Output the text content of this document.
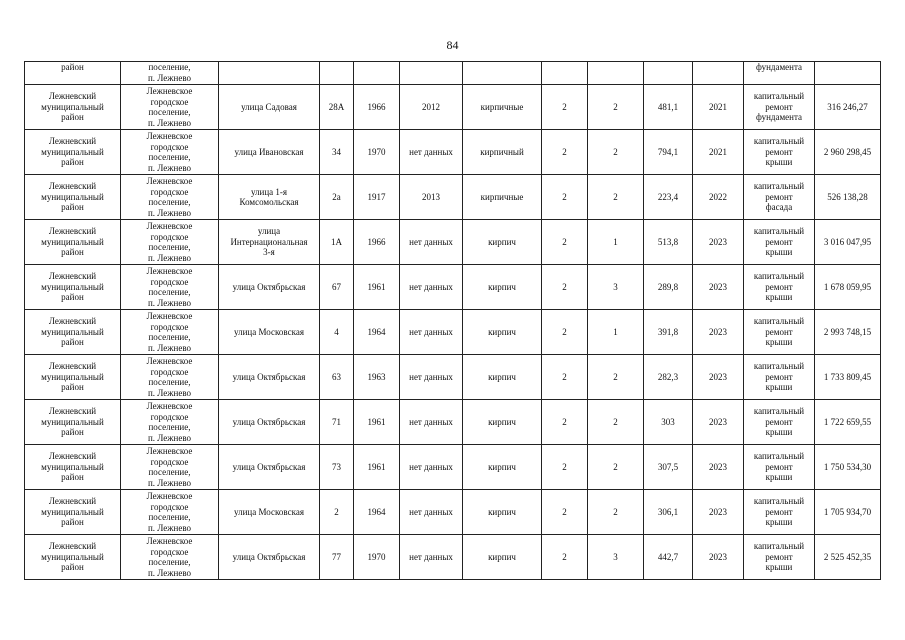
84
район	поселение,
п. Лежнево										фундамента	
Лежневский
муниципальный
район	Лежневское
городское
поселение,
п. Лежнево	улица Садовая	28А	1966	2012	кирпичные	2	2	481,1	2021	капитальный
ремонт
фундамента	316 246,27
Лежневский
муниципальный
район	Лежневское
городское
поселение,
п. Лежнево	улица Ивановская	34	1970	нет данных	кирпичный	2	2	794,1	2021	капитальный
ремонт
крыши	2 960 298,45
Лежневский
муниципальный
район	Лежневское
городское
поселение,
п. Лежнево	улица 1-я
Комсомольская	2а	1917	2013	кирпичные	2	2	223,4	2022	капитальный
ремонт
фасада	526 138,28
Лежневский
муниципальный
район	Лежневское
городское
поселение,
п. Лежнево	улица
Интернациональная
3-я	1А	1966	нет данных	кирпич	2	1	513,8	2023	капитальный
ремонт
крыши	3 016 047,95
Лежневский
муниципальный
район	Лежневское
городское
поселение,
п. Лежнево	улица Октябрьская	67	1961	нет данных	кирпич	2	3	289,8	2023	капитальный
ремонт
крыши	1 678 059,95
Лежневский
муниципальный
район	Лежневское
городское
поселение,
п. Лежнево	улица Московская	4	1964	нет данных	кирпич	2	1	391,8	2023	капитальный
ремонт
крыши	2 993 748,15
Лежневский
муниципальный
район	Лежневское
городское
поселение,
п. Лежнево	улица Октябрьская	63	1963	нет данных	кирпич	2	2	282,3	2023	капитальный
ремонт
крыши	1 733 809,45
Лежневский
муниципальный
район	Лежневское
городское
поселение,
п. Лежнево	улица Октябрьская	71	1961	нет данных	кирпич	2	2	303	2023	капитальный
ремонт
крыши	1 722 659,55
Лежневский
муниципальный
район	Лежневское
городское
поселение,
п. Лежнево	улица Октябрьская	73	1961	нет данных	кирпич	2	2	307,5	2023	капитальный
ремонт
крыши	1 750 534,30
Лежневский
муниципальный
район	Лежневское
городское
поселение,
п. Лежнево	улица Московская	2	1964	нет данных	кирпич	2	2	306,1	2023	капитальный
ремонт
крыши	1 705 934,70
Лежневский
муниципальный
район	Лежневское
городское
поселение,
п. Лежнево	улица Октябрьская	77	1970	нет данных	кирпич	2	3	442,7	2023	капитальный
ремонт
крыши	2 525 452,35
